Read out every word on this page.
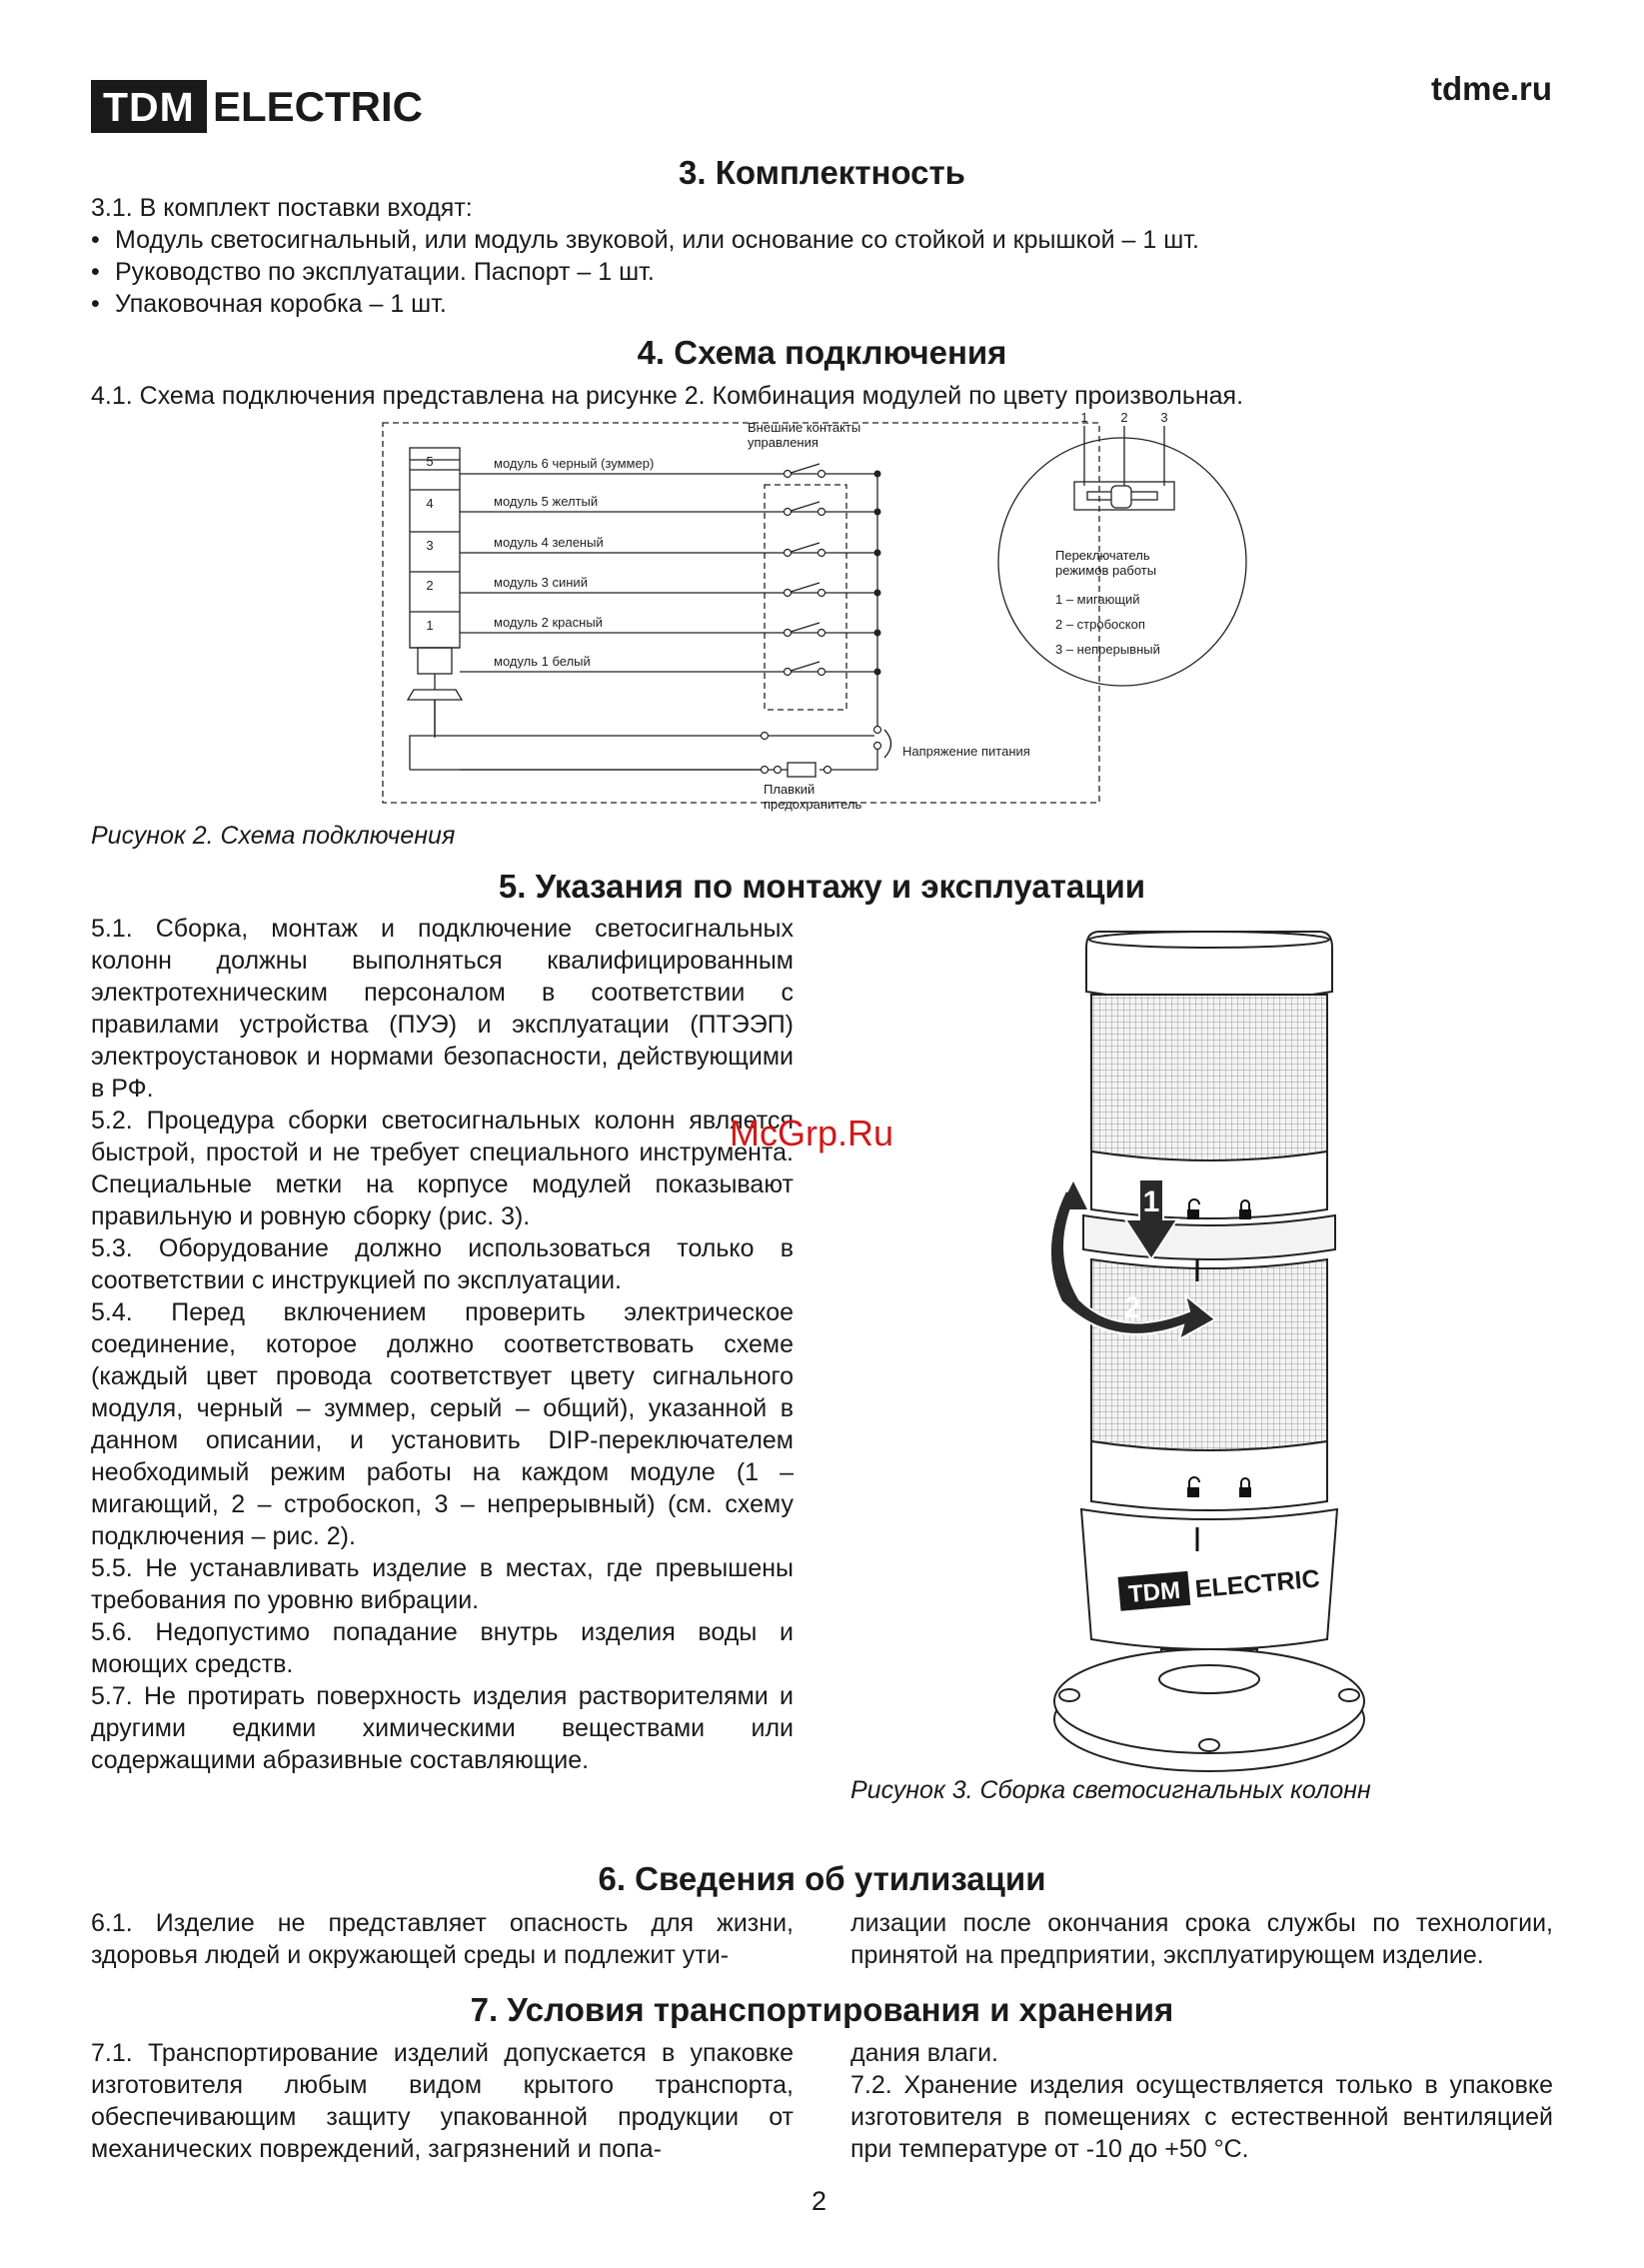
TDM ELECTRIC	tdme.ru
3. Комплектность

3.1. В комплект поставки входят:

• Модуль светосигнальный, или модуль звуковой, или основание со стойкой и крышкой – 1 шт.

• Руководство по эксплуатации. Паспорт – 1 шт.

• Упаковочная коробка – 1 шт.

4. Схема подключения

4.1. Схема подключения представлена на рисунке 2. Комбинация модулей по цвету произвольная.

5
4
3
2
1
модуль 6 черный (зуммер)
модуль 5 желтый
модуль 4 зеленый
модуль 3 синий
модуль 2 красный
модуль 1 белый
Внешние контакты управления
Напряжение питания
Плавкий предохранитель
1	2	3
Переключатель режимов работы
1 – мигающий
2 – стробоскоп
3 – непрерывный

Рисунок 2. Схема подключения

5. Указания по монтажу и эксплуатации

5.1. Сборка, монтаж и подключение светосигнальных колонн должны выполняться квалифицированным электротехническим персоналом в соответствии с правилами устройства (ПУЭ) и эксплуатации (ПТЭЭП) электроустановок и нормами безопасности, действующими в РФ.

5.2. Процедура сборки светосигнальных колонн является быстрой, простой и не требует специального инструмента. Специальные метки на корпусе модулей показывают правильную и ровную сборку (рис. 3).

5.3. Оборудование должно использоваться только в соответствии с инструкцией по эксплуатации.

5.4. Перед включением проверить электрическое соединение, которое должно соответствовать схеме (каждый цвет провода соответствует цвету сигнального модуля, черный – зуммер, серый – общий), указанной в данном описании, и установить DIP-переключателем необходимый режим работы на каждом модуле (1 – мигающий, 2 – стробоскоп, 3 – непрерывный) (см. схему подключения – рис. 2).

5.5. Не устанавливать изделие в местах, где превышены требования по уровню вибрации.

5.6. Недопустимо попадание внутрь изделия воды и моющих средств.

5.7. Не протирать поверхность изделия растворителями и другими едкими химическими веществами или содержащими абразивные составляющие.

1
2
TDM ELECTRIC
McGrp.Ru

Рисунок 3. Сборка светосигнальных колонн

6. Сведения об утилизации

6.1. Изделие не представляет опасность для жизни, здоровья людей и окружающей среды и подлежит ути-

лизации после окончания срока службы по технологии, принятой на предприятии, эксплуатирующем изделие.

7. Условия транспортирования и хранения

7.1. Транспортирование изделий допускается в упаковке изготовителя любым видом крытого транспорта, обеспечивающим защиту упакованной продукции от механических повреждений, загрязнений и попа-

дания влаги.

7.2. Хранение изделия осуществляется только в упаковке изготовителя в помещениях с естественной вентиляцией при температуре от -10 до +50 °C.

2
